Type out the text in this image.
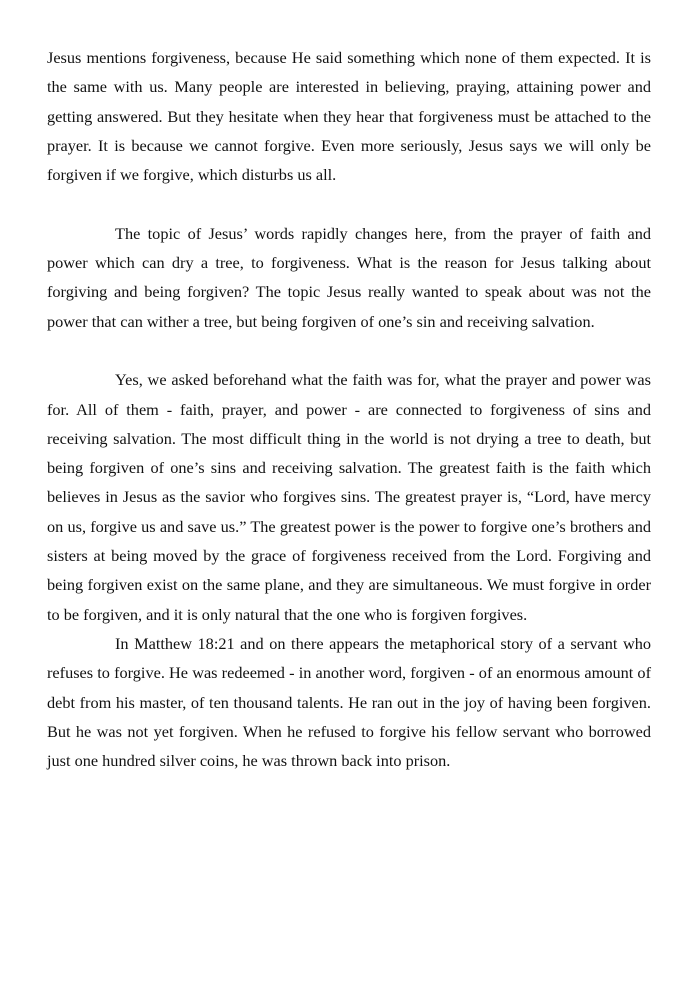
Jesus mentions forgiveness, because He said something which none of them expected. It is the same with us. Many people are interested in believing, praying, attaining power and getting answered. But they hesitate when they hear that forgiveness must be attached to the prayer. It is because we cannot forgive. Even more seriously, Jesus says we will only be forgiven if we forgive, which disturbs us all.

The topic of Jesus’ words rapidly changes here, from the prayer of faith and power which can dry a tree, to forgiveness. What is the reason for Jesus talking about forgiving and being forgiven? The topic Jesus really wanted to speak about was not the power that can wither a tree, but being forgiven of one’s sin and receiving salvation.

Yes, we asked beforehand what the faith was for, what the prayer and power was for. All of them - faith, prayer, and power - are connected to forgiveness of sins and receiving salvation. The most difficult thing in the world is not drying a tree to death, but being forgiven of one’s sins and receiving salvation. The greatest faith is the faith which believes in Jesus as the savior who forgives sins. The greatest prayer is, “Lord, have mercy on us, forgive us and save us.” The greatest power is the power to forgive one’s brothers and sisters at being moved by the grace of forgiveness received from the Lord. Forgiving and being forgiven exist on the same plane, and they are simultaneous. We must forgive in order to be forgiven, and it is only natural that the one who is forgiven forgives.

In Matthew 18:21 and on there appears the metaphorical story of a servant who refuses to forgive. He was redeemed - in another word, forgiven - of an enormous amount of debt from his master, of ten thousand talents. He ran out in the joy of having been forgiven. But he was not yet forgiven. When he refused to forgive his fellow servant who borrowed just one hundred silver coins, he was thrown back into prison.
